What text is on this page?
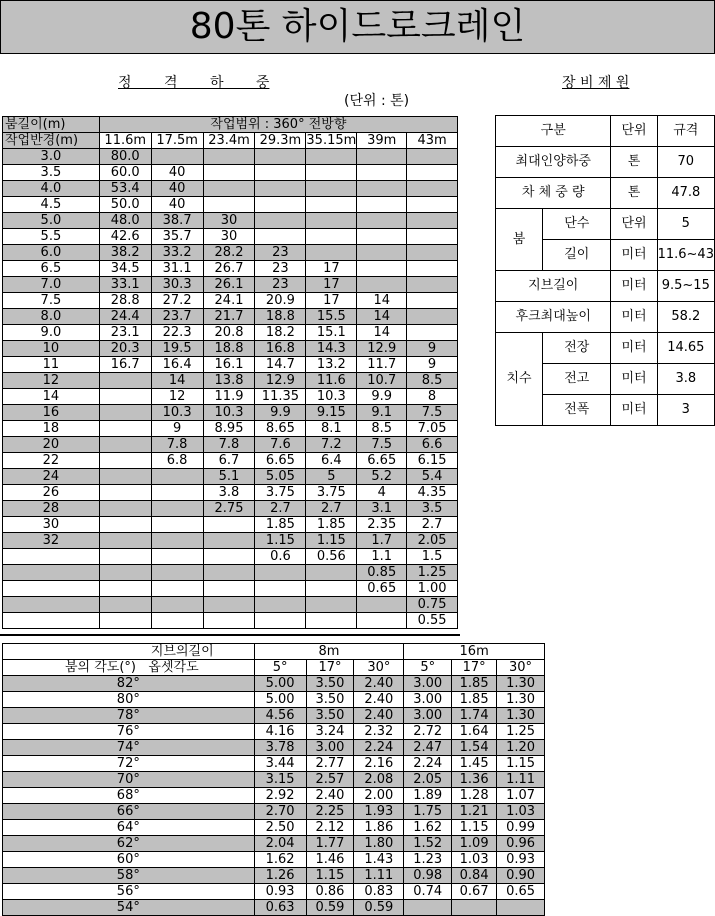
80톤 하이드로크레인
정 격 하 중
(단위 : 톤)
장 비 제 원
붐길이(m)	작업범위 : 360° 전방향						
작업반경(m)	11.6m	17.5m	23.4m	29.3m	35.15m	39m	43m
3.0	80.0						
3.5	60.0	40					
4.0	53.4	40					
4.5	50.0	40					
5.0	48.0	38.7	30				
5.5	42.6	35.7	30				
6.0	38.2	33.2	28.2	23			
6.5	34.5	31.1	26.7	23	17		
7.0	33.1	30.3	26.1	23	17		
7.5	28.8	27.2	24.1	20.9	17	14	
8.0	24.4	23.7	21.7	18.8	15.5	14	
9.0	23.1	22.3	20.8	18.2	15.1	14	
10	20.3	19.5	18.8	16.8	14.3	12.9	9
11	16.7	16.4	16.1	14.7	13.2	11.7	9
12		14	13.8	12.9	11.6	10.7	8.5
14		12	11.9	11.35	10.3	9.9	8
16		10.3	10.3	9.9	9.15	9.1	7.5
18		9	8.95	8.65	8.1	8.5	7.05
20		7.8	7.8	7.6	7.2	7.5	6.6
22		6.8	6.7	6.65	6.4	6.65	6.15
24			5.1	5.05	5	5.2	5.4
26			3.8	3.75	3.75	4	4.35
28			2.75	2.7	2.7	3.1	3.5
30				1.85	1.85	2.35	2.7
32				1.15	1.15	1.7	2.05
				0.6	0.56	1.1	1.5
						0.85	1.25
						0.65	1.00
							0.75
							0.55
구분		단위	규격
최대인양하중		톤	70
차 체 중 량		톤	47.8
붐	단수	단위	5
	길이	미터	11.6~43
지브길이		미터	9.5~15
후크최대높이		미터	58.2
치수	전장	미터	14.65
	전고	미터	3.8
	전폭	미터	3
지브의길이	8m			16m		
붐의 각도(°) 옵셋각도	5°	17°	30°	5°	17°	30°
82°	5.00	3.50	2.40	3.00	1.85	1.30
80°	5.00	3.50	2.40	3.00	1.85	1.30
78°	4.56	3.50	2.40	3.00	1.74	1.30
76°	4.16	3.24	2.32	2.72	1.64	1.25
74°	3.78	3.00	2.24	2.47	1.54	1.20
72°	3.44	2.77	2.16	2.24	1.45	1.15
70°	3.15	2.57	2.08	2.05	1.36	1.11
68°	2.92	2.40	2.00	1.89	1.28	1.07
66°	2.70	2.25	1.93	1.75	1.21	1.03
64°	2.50	2.12	1.86	1.62	1.15	0.99
62°	2.04	1.77	1.80	1.52	1.09	0.96
60°	1.62	1.46	1.43	1.23	1.03	0.93
58°	1.26	1.15	1.11	0.98	0.84	0.90
56°	0.93	0.86	0.83	0.74	0.67	0.65
54°	0.63	0.59	0.59			
